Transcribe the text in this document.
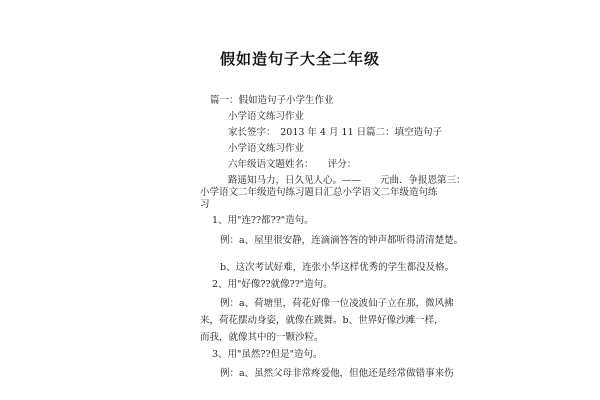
假如造句子大全二年级
篇一：假如造句子小学生作业
小学语文练习作业
家长签字：　2013 年 4 月 11 日篇二：填空造句子
小学语文练习作业
六年级语文题姓名：　　评分：
路遥知马力，日久见人心。——　　元曲．争报恩第三：
小学语文二年级造句练习题目汇总小学语文二年级造句练
习
1、用"连??都??"造句。
例：a、屋里很安静，连滴滴答答的钟声都听得清清楚楚。
b、这次考试好难，连张小华这样优秀的学生都没及格。
2、用"好像??就像??"造句。
例：a、荷塘里，荷花好像一位凌波仙子立在那，微风拂
来，荷花摆动身姿，就像在跳舞。b、世界好像沙滩一样，
而我，就像其中的一颗沙粒。
3、用"虽然??但是"造句。
例：a、虽然父母非常疼爱他，但他还是经常做错事来伤
